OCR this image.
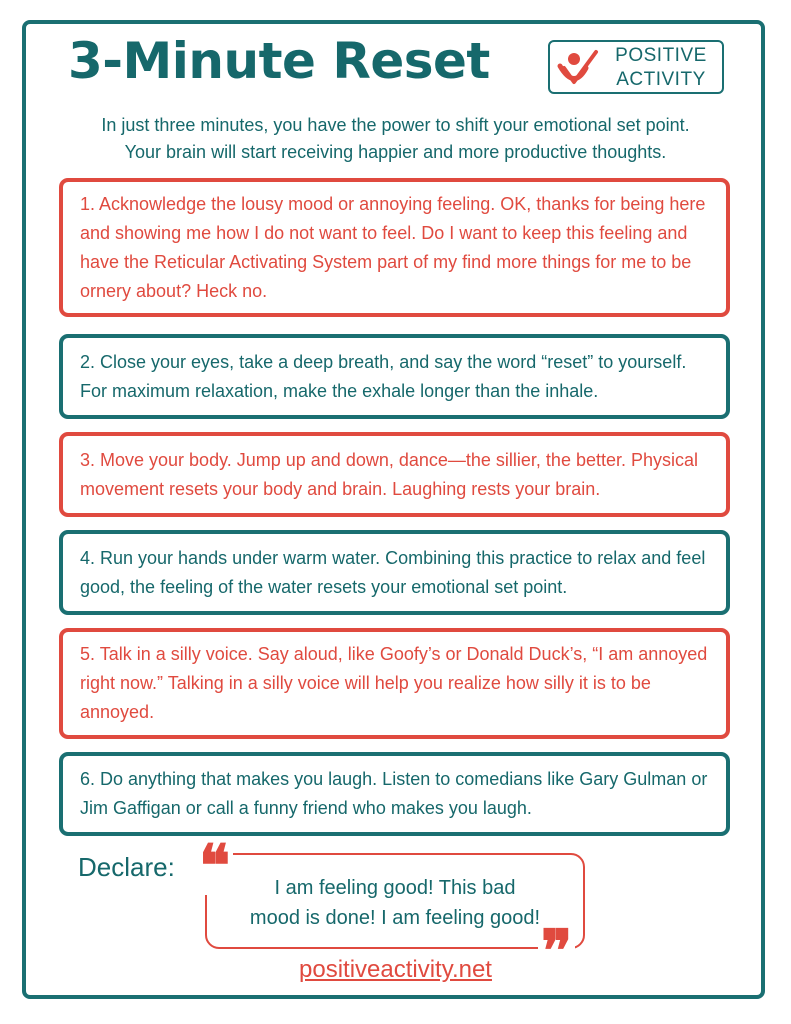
3-Minute Reset	POSITIVE
ACTIVITY
In just three minutes, you have the power to shift your emotional set point.
Your brain will start receiving happier and more productive thoughts.
1. Acknowledge the lousy mood or annoying feeling. OK, thanks for being here and showing me how I do not want to feel. Do I want to keep this feeling and have the Reticular Activating System part of my find more things for me to be ornery about? Heck no.
2. Close your eyes, take a deep breath, and say the word “reset” to yourself. For maximum relaxation, make the exhale longer than the inhale.
3. Move your body. Jump up and down, dance—the sillier, the better. Physical movement resets your body and brain. Laughing rests your brain.
4. Run your hands under warm water. Combining this practice to relax and feel good, the feeling of the water resets your emotional set point.
5. Talk in a silly voice. Say aloud, like Goofy’s or Donald Duck’s, “I am annoyed right now.” Talking in a silly voice will help you realize how silly it is to be annoyed.
6. Do anything that makes you laugh. Listen to comedians like Gary Gulman or Jim Gaffigan or call a funny friend who makes you laugh.
Declare: ❝
❞
I am feeling good! This bad
mood is done! I am feeling good!
positiveactivity.net
